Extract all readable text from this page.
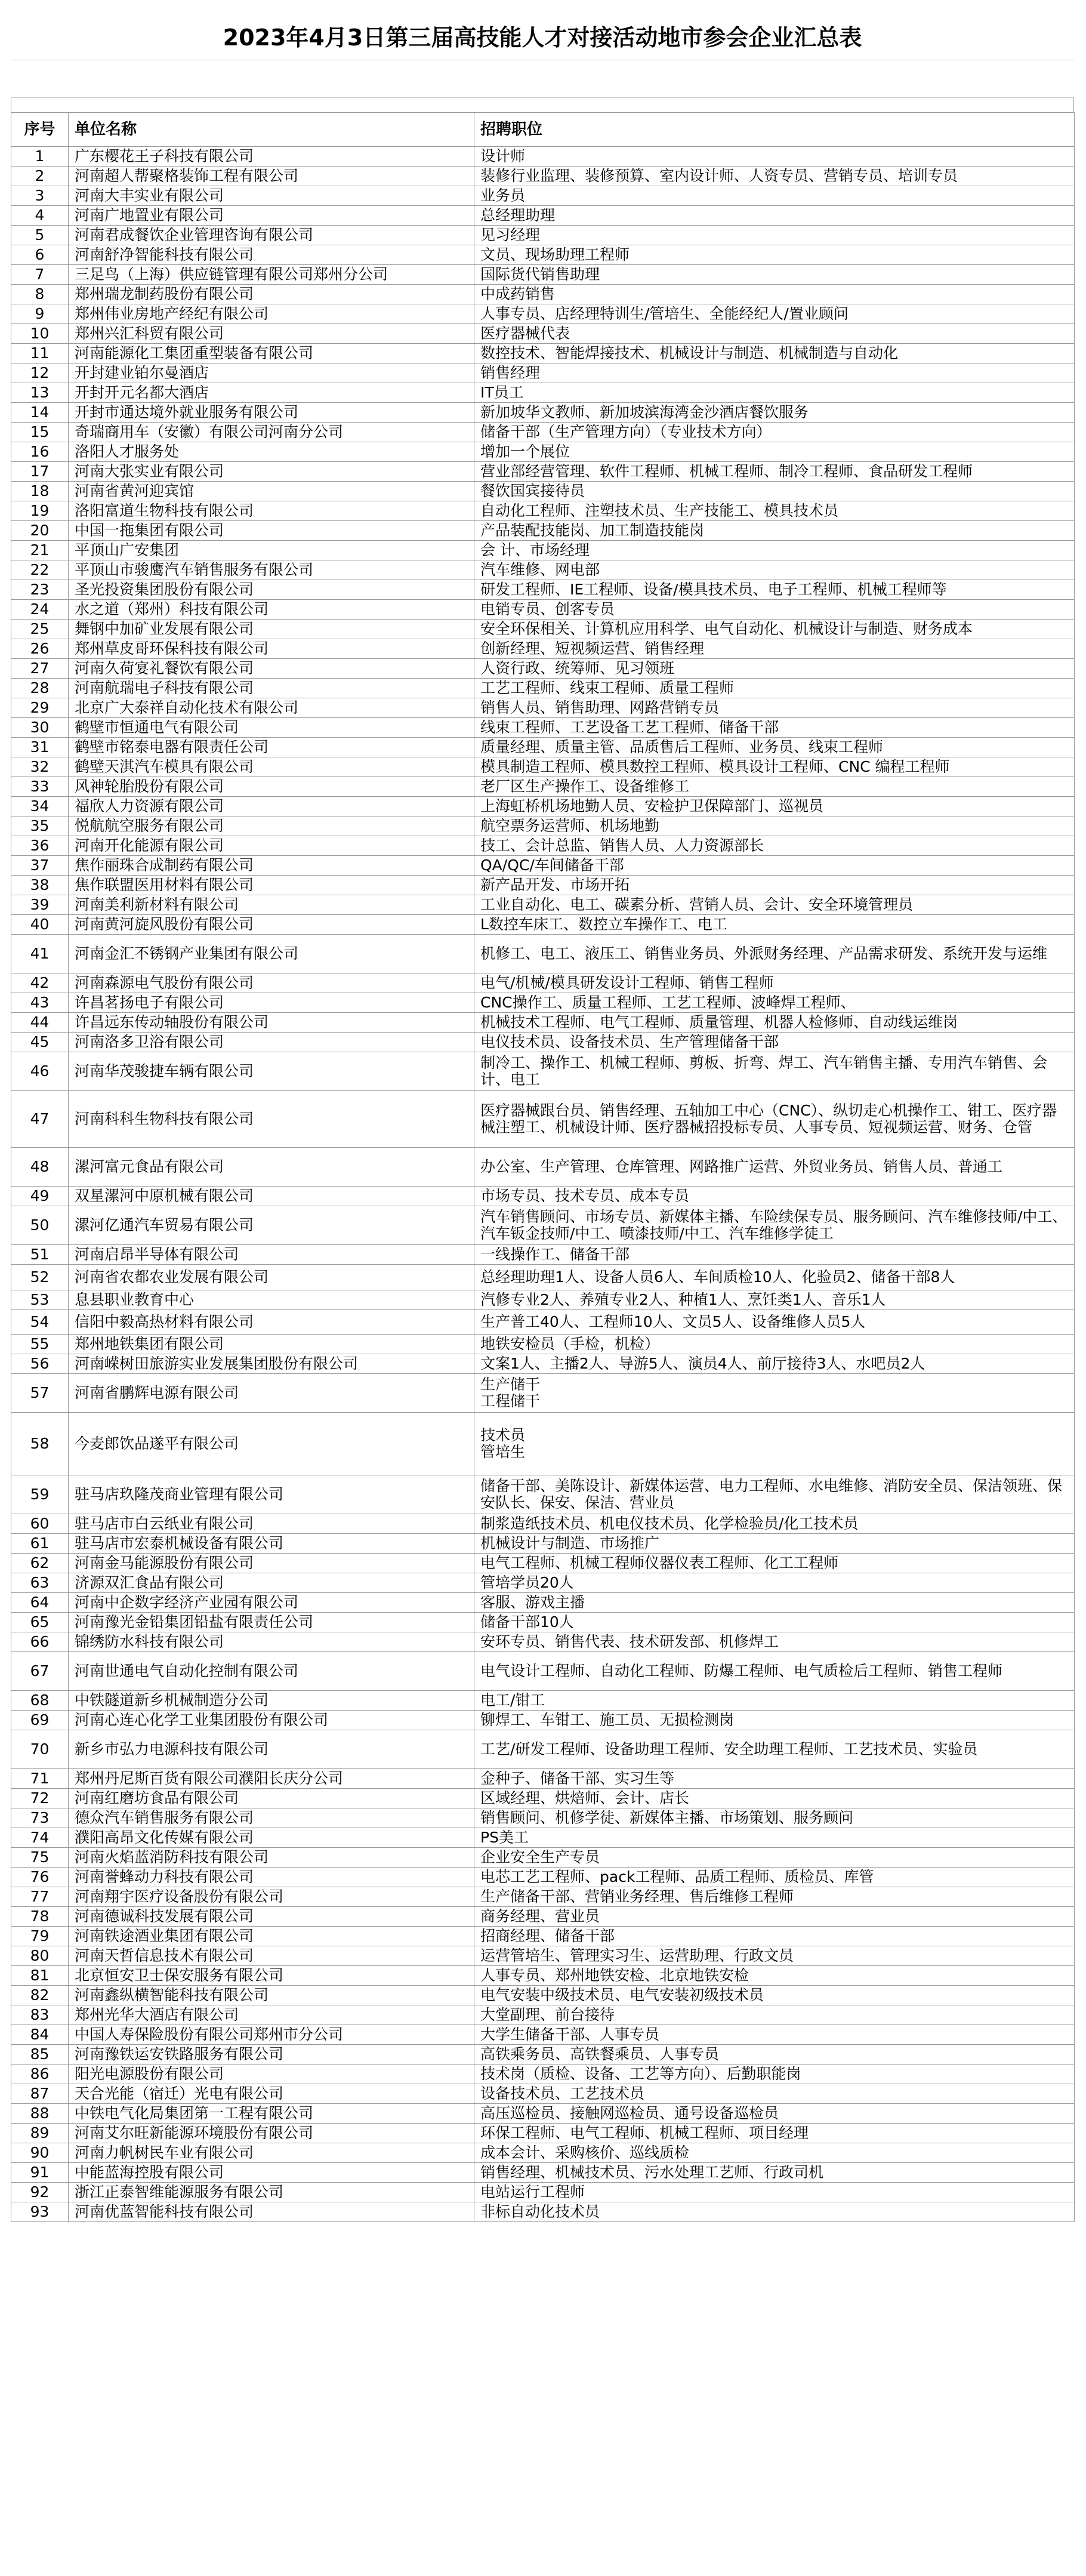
2023年4月3日第三届高技能人才对接活动地市参会企业汇总表
序号	单位名称	招聘职位
1	广东樱花王子科技有限公司	设计师
2	河南超人帮聚格装饰工程有限公司	装修行业监理、装修预算、室内设计师、人资专员、营销专员、培训专员
3	河南大丰实业有限公司	业务员
4	河南广地置业有限公司	总经理助理
5	河南君成餐饮企业管理咨询有限公司	见习经理
6	河南舒净智能科技有限公司	文员、现场助理工程师
7	三足鸟（上海）供应链管理有限公司郑州分公司	国际货代销售助理
8	郑州瑞龙制药股份有限公司	中成药销售
9	郑州伟业房地产经纪有限公司	人事专员、店经理特训生/管培生、全能经纪人/置业顾问
10	郑州兴汇科贸有限公司	医疗器械代表
11	河南能源化工集团重型装备有限公司	数控技术、智能焊接技术、机械设计与制造、机械制造与自动化
12	开封建业铂尔曼酒店	销售经理
13	开封开元名都大酒店	IT员工
14	开封市通达境外就业服务有限公司	新加坡华文教师、新加坡滨海湾金沙酒店餐饮服务
15	奇瑞商用车（安徽）有限公司河南分公司	储备干部（生产管理方向）（专业技术方向）
16	洛阳人才服务处	增加一个展位
17	河南大张实业有限公司	营业部经营管理、软件工程师、机械工程师、制冷工程师、食品研发工程师
18	河南省黄河迎宾馆	餐饮国宾接待员
19	洛阳富道生物科技有限公司	自动化工程师、注塑技术员、生产技能工、模具技术员
20	中国一拖集团有限公司	产品装配技能岗、加工制造技能岗
21	平顶山广安集团	会 计、市场经理
22	平顶山市骏鹰汽车销售服务有限公司	汽车维修、网电部
23	圣光投资集团股份有限公司	研发工程师、IE工程师、设备/模具技术员、电子工程师、机械工程师等
24	水之道（郑州）科技有限公司	电销专员、创客专员
25	舞钢中加矿业发展有限公司	安全环保相关、计算机应用科学、电气自动化、机械设计与制造、财务成本
26	郑州草皮哥环保科技有限公司	创新经理、短视频运营、销售经理
27	河南久荷宴礼餐饮有限公司	人资行政、统筹师、见习领班
28	河南航瑞电子科技有限公司	工艺工程师、线束工程师、质量工程师
29	北京广大泰祥自动化技术有限公司	销售人员、销售助理、网路营销专员
30	鹤壁市恒通电气有限公司	线束工程师、工艺设备工艺工程师、储备干部
31	鹤壁市铭泰电器有限责任公司	质量经理、质量主管、品质售后工程师、业务员、线束工程师
32	鹤壁天淇汽车模具有限公司	模具制造工程师、模具数控工程师、模具设计工程师、CNC 编程工程师
33	风神轮胎股份有限公司	老厂区生产操作工、设备维修工
34	福欣人力资源有限公司	上海虹桥机场地勤人员、安检护卫保障部门、巡视员
35	悦航航空服务有限公司	航空票务运营师、机场地勤
36	河南开化能源有限公司	技工、会计总监、销售人员、人力资源部长
37	焦作丽珠合成制药有限公司	QA/QC/车间储备干部
38	焦作联盟医用材料有限公司	新产品开发、市场开拓
39	河南美利新材料有限公司	工业自动化、电工、碳素分析、营销人员、会计、安全环境管理员
40	河南黄河旋风股份有限公司	L数控车床工、数控立车操作工、电工
41	河南金汇不锈钢产业集团有限公司	机修工、电工、液压工、销售业务员、外派财务经理、产品需求研发、系统开发与运维
42	河南森源电气股份有限公司	电气/机械/模具研发设计工程师、销售工程师
43	许昌茗扬电子有限公司	CNC操作工、质量工程师、工艺工程师、波峰焊工程师、
44	许昌远东传动轴股份有限公司	机械技术工程师、电气工程师、质量管理、机器人检修师、自动线运维岗
45	河南洛多卫浴有限公司	电仪技术员、设备技术员、生产管理储备干部
46	河南华茂骏捷车辆有限公司	制冷工、操作工、机械工程师、剪板、折弯、焊工、汽车销售主播、专用汽车销售、会计、电工
47	河南科科生物科技有限公司	医疗器械跟台员、销售经理、五轴加工中心（CNC）、纵切走心机操作工、钳工、医疗器械注塑工、机械设计师、医疗器械招投标专员、人事专员、短视频运营、财务、仓管
48	漯河富元食品有限公司	办公室、生产管理、仓库管理、网路推广运营、外贸业务员、销售人员、普通工
49	双星漯河中原机械有限公司	市场专员、技术专员、成本专员
50	漯河亿通汽车贸易有限公司	汽车销售顾问、市场专员、新媒体主播、车险续保专员、服务顾问、汽车维修技师/中工、汽车钣金技师/中工、喷漆技师/中工、汽车维修学徒工
51	河南启昂半导体有限公司	一线操作工、储备干部
52	河南省农都农业发展有限公司	总经理助理1人、设备人员6人、车间质检10人、化验员2、储备干部8人
53	息县职业教育中心	汽修专业2人、养殖专业2人、种植1人、烹饪类1人、音乐1人
54	信阳中毅高热材料有限公司	生产普工40人、工程师10人、文员5人、设备维修人员5人
55	郑州地铁集团有限公司	地铁安检员（手检，机检）
56	河南嵘树田旅游实业发展集团股份有限公司	文案1人、主播2人、导游5人、演员4人、前厅接待3人、水吧员2人
57	河南省鹏辉电源有限公司	生产储干
工程储干
58	今麦郎饮品遂平有限公司	技术员
管培生
59	驻马店玖隆茂商业管理有限公司	储备干部、美陈设计、新媒体运营、电力工程师、水电维修、消防安全员、保洁领班、保安队长、保安、保洁、营业员
60	驻马店市白云纸业有限公司	制浆造纸技术员、机电仪技术员、化学检验员/化工技术员
61	驻马店市宏泰机械设备有限公司	机械设计与制造、市场推广
62	河南金马能源股份有限公司	电气工程师、机械工程师仪器仪表工程师、化工工程师
63	济源双汇食品有限公司	管培学员20人
64	河南中企数字经济产业园有限公司	客服、游戏主播
65	河南豫光金铅集团铅盐有限责任公司	储备干部10人
66	锦绣防水科技有限公司	安环专员、销售代表、技术研发部、机修焊工
67	河南世通电气自动化控制有限公司	电气设计工程师、自动化工程师、防爆工程师、电气质检后工程师、销售工程师
68	中铁隧道新乡机械制造分公司	电工/钳工
69	河南心连心化学工业集团股份有限公司	铆焊工、车钳工、施工员、无损检测岗
70	新乡市弘力电源科技有限公司	工艺/研发工程师、设备助理工程师、安全助理工程师、工艺技术员、实验员
71	郑州丹尼斯百货有限公司濮阳长庆分公司	金种子、储备干部、实习生等
72	河南红磨坊食品有限公司	区域经理、烘焙师、会计、店长
73	德众汽车销售服务有限公司	销售顾问、机修学徒、新媒体主播、市场策划、服务顾问
74	濮阳高昂文化传媒有限公司	PS美工
75	河南火焰蓝消防科技有限公司	企业安全生产专员
76	河南誉蜂动力科技有限公司	电芯工艺工程师、pack工程师、品质工程师、质检员、库管
77	河南翔宇医疗设备股份有限公司	生产储备干部、营销业务经理、售后维修工程师
78	河南德诚科技发展有限公司	商务经理、营业员
79	河南铁途酒业集团有限公司	招商经理、储备干部
80	河南天哲信息技术有限公司	运营管培生、管理实习生、运营助理、行政文员
81	北京恒安卫士保安服务有限公司	人事专员、郑州地铁安检、北京地铁安检
82	河南鑫纵横智能科技有限公司	电气安装中级技术员、电气安装初级技术员
83	郑州光华大酒店有限公司	大堂副理、前台接待
84	中国人寿保险股份有限公司郑州市分公司	大学生储备干部、人事专员
85	河南豫铁运安铁路服务有限公司	高铁乘务员、高铁餐乘员、人事专员
86	阳光电源股份有限公司	技术岗（质检、设备、工艺等方向）、后勤职能岗
87	天合光能（宿迁）光电有限公司	设备技术员、工艺技术员
88	中铁电气化局集团第一工程有限公司	高压巡检员、接触网巡检员、通号设备巡检员
89	河南艾尔旺新能源环境股份有限公司	环保工程师、电气工程师、机械工程师、项目经理
90	河南力帆树民车业有限公司	成本会计、采购核价、巡线质检
91	中能蓝海控股有限公司	销售经理、机械技术员、污水处理工艺师、行政司机
92	浙江正泰智维能源服务有限公司	电站运行工程师
93	河南优蓝智能科技有限公司	非标自动化技术员
